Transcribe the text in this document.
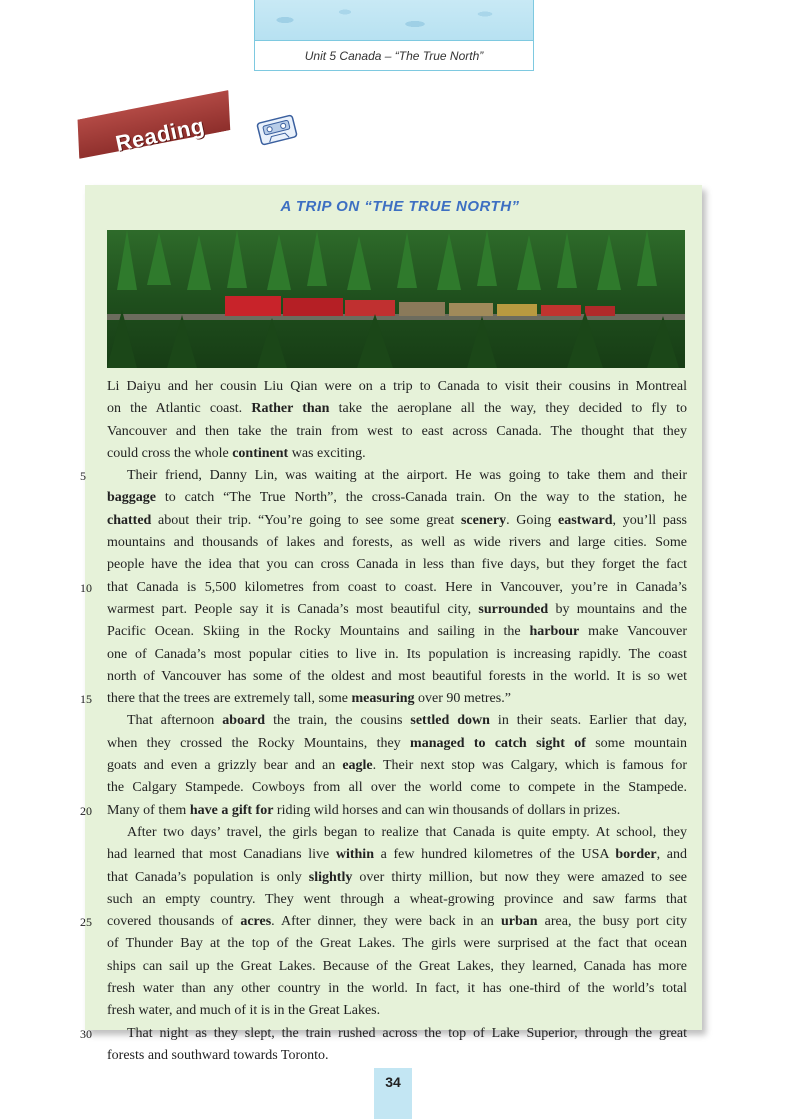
Unit 5 Canada – “The True North”
Reading
A TRIP ON “THE TRUE NORTH”
Li Daiyu and her cousin Liu Qian were on a trip to Canada to visit their cousins in Montreal
on the Atlantic coast. Rather than take the aeroplane all the way, they decided to fly to
Vancouver and then take the train from west to east across Canada. The thought that they
could cross the whole continent was exciting.
5	Their friend, Danny Lin, was waiting at the airport. He was going to take them and their
baggage to catch “The True North”, the cross-Canada train. On the way to the station, he
chatted about their trip. “You’re going to see some great scenery. Going eastward, you’ll pass
mountains and thousands of lakes and forests, as well as wide rivers and large cities. Some
people have the idea that you can cross Canada in less than five days, but they forget the fact
10 that Canada is 5,500 kilometres from coast to coast. Here in Vancouver, you’re in Canada’s
warmest part. People say it is Canada’s most beautiful city, surrounded by mountains and the
Pacific Ocean. Skiing in the Rocky Mountains and sailing in the harbour make Vancouver
one of Canada’s most popular cities to live in. Its population is increasing rapidly. The coast
north of Vancouver has some of the oldest and most beautiful forests in the world. It is so wet
15 there that the trees are extremely tall, some measuring over 90 metres.”
That afternoon aboard the train, the cousins settled down in their seats. Earlier that day,
when they crossed the Rocky Mountains, they managed to catch sight of some mountain
goats and even a grizzly bear and an eagle. Their next stop was Calgary, which is famous for
the Calgary Stampede. Cowboys from all over the world come to compete in the Stampede.
20 Many of them have a gift for riding wild horses and can win thousands of dollars in prizes.
After two days’ travel, the girls began to realize that Canada is quite empty. At school, they
had learned that most Canadians live within a few hundred kilometres of the USA border, and
that Canada’s population is only slightly over thirty million, but now they were amazed to see
such an empty country. They went through a wheat-growing province and saw farms that
25 covered thousands of acres. After dinner, they were back in an urban area, the busy port city
of Thunder Bay at the top of the Great Lakes. The girls were surprised at the fact that ocean
ships can sail up the Great Lakes. Because of the Great Lakes, they learned, Canada has more
fresh water than any other country in the world. In fact, it has one-third of the world’s total
fresh water, and much of it is in the Great Lakes.
30	That night as they slept, the train rushed across the top of Lake Superior, through the great
forests and southward towards Toronto.
34
